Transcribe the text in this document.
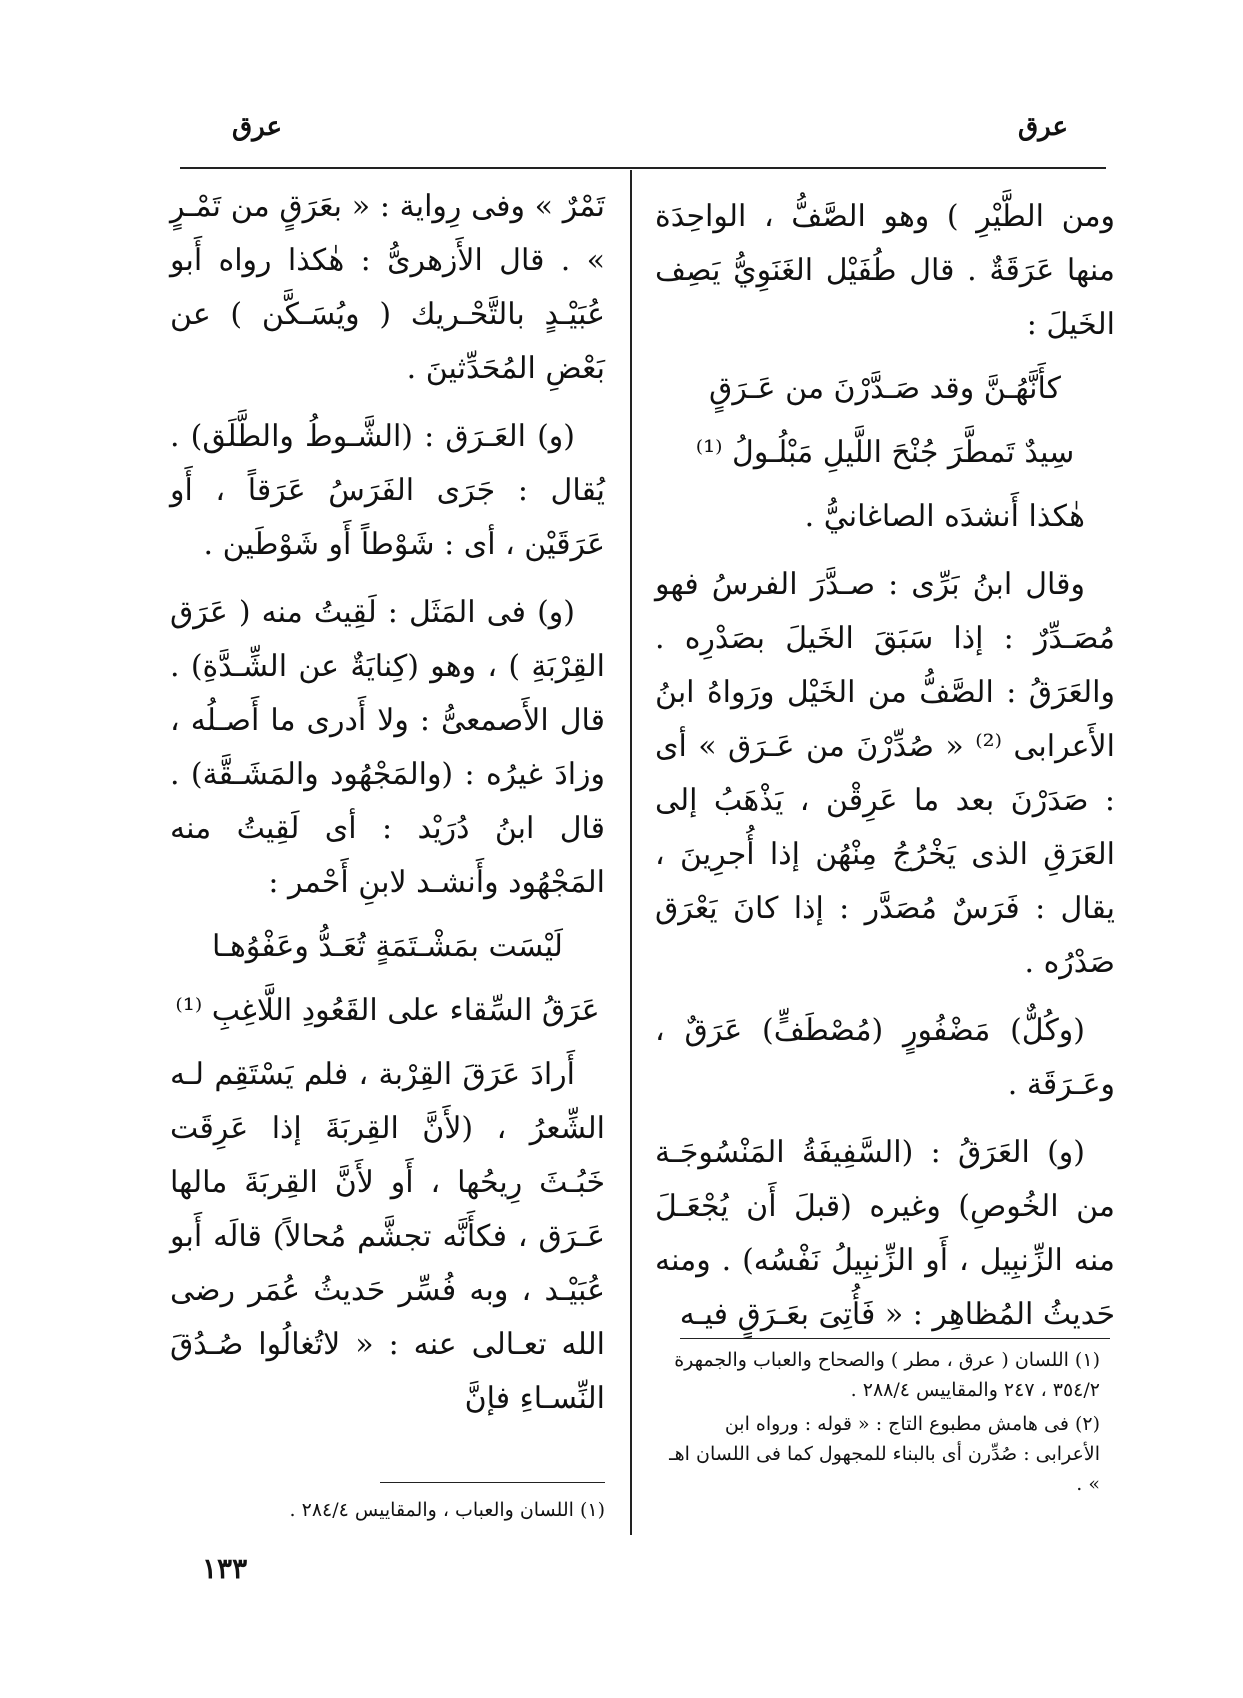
عرق	عرق

ومن الطَّيْرِ ) وهو الصَّفُّ ، الواحِدَة منها عَرَقَةٌ . قال طُفَيْل الغَنَوِيُّ يَصِف الخَيلَ :

كأَنَّهُـنَّ وقد صَـدَّرْنَ من عَـرَقٍ

سِيدٌ تَمطَّرَ جُنْحَ اللَّيلِ مَبْلُـولُ ⁽¹⁾

هٰكذا أَنشدَه الصاغانيُّ .

وقال ابنُ بَرِّى : صـدَّرَ الفرسُ فهو مُصَـدِّرٌ : إذا سَبَقَ الخَيلَ بصَدْرِه . والعَرَقُ : الصَّفُّ من الخَيْل ورَواهُ ابنُ الأَعرابى ⁽²⁾ « صُدِّرْنَ من عَـرَق » أى : صَدَرْنَ بعد ما عَرِقْن ، يَذْهَبُ إلى العَرَقِ الذى يَخْرُجُ مِنْهُن إذا أُجرِينَ ، يقال : فَرَسٌ مُصَدَّر : إذا كانَ يَعْرَق صَدْرُه .

(وكُلٌّ) مَضْفُورٍ (مُصْطَفٍّ) عَرَقٌ ، وعَـرَقَة .

(و) العَرَقُ : (السَّفِيفَةُ المَنْسُوجَـة من الخُوصِ) وغيره (قبلَ أَن يُجْعَـلَ منه الزِّنبِيل ، أَو الزِّنبِيلُ نَفْسُه) . ومنه حَديثُ المُظاهِر : « فَأُتِىَ بعَـرَقٍ فيـه

(١) اللسان ( عرق ، مطر ) والصحاح والعباب والجمهرة ٣٥٤/٢ ، ٢٤٧ والمقاييس ٢٨٨/٤ .

(٢) فى هامش مطبوع التاج : « قوله : ورواه ابن الأعرابى : صُدِّرن أى بالبناء للمجهول كما فى اللسان اهـ » .

تَمْرٌ » وفى رِواية : « بعَرَقٍ من تَمْـرٍ » . قال الأَزهرىُّ : هٰكذا رواه أَبو عُبَيْـدٍ بالتَّحْـريك ( ويُسَـكَّن ) عن بَعْضِ المُحَدِّثينَ .

(و) العَـرَق : (الشَّـوطُ والطَّلَق) . يُقال : جَرَى الفَرَسُ عَرَقاً ، أَو عَرَقَيْن ، أى : شَوْطاً أَو شَوْطَين .

(و) فى المَثَل : لَقِيتُ منه ( عَرَق القِرْبَةِ ) ، وهو (كِنايَةٌ عن الشِّـدَّةِ) . قال الأَصمعىُّ : ولا أَدرى ما أَصـلُه ، وزادَ غيرُه : (والمَجْهُود والمَشَـقَّة) . قال ابنُ دُرَيْد : أى لَقِيتُ منه المَجْهُود وأَنشـد لابنِ أَحْمر :

لَيْسَت بمَشْـتَمَةٍ تُعَـدُّ وعَفْوُهـا

عَرَقُ السِّقاء على القَعُودِ اللَّاغِبِ ⁽¹⁾

أَرادَ عَرَقَ القِرْبة ، فلم يَسْتَقِم لـه الشِّعرُ ، (لأَنَّ القِربَةَ إذا عَرِقَت خَبُـثَ رِيحُها ، أَو لأَنَّ القِربَةَ مالها عَـرَق ، فكأَنَّه تجشَّم مُحالاً) قالَه أَبو عُبَيْـد ، وبه فُسِّر حَديثُ عُمَر رضى الله تعـالى عنه : « لاتُغالُوا صُـدُقَ النِّسـاءِ فإنَّ

(١) اللسان والعباب ، والمقاييس ٢٨٤/٤ .

١٣٣
